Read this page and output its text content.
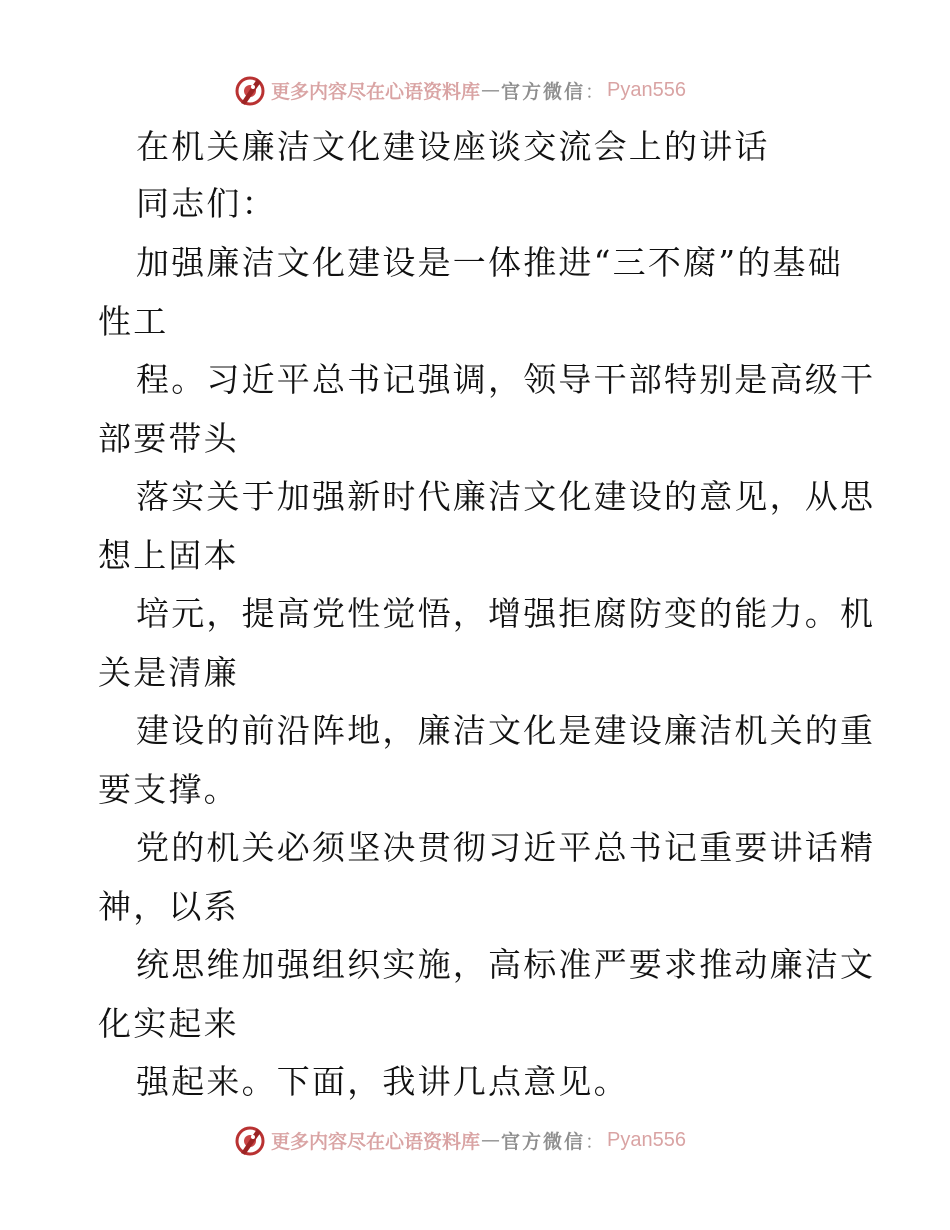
更多内容尽在心语资料库 — 官方微信 ： Pyan556
在机关廉洁文化建设座谈交流会上的讲话
同志们：
加强廉洁文化建设是一体推进“三不腐”的基础
性工
程。习近平总书记强调，领导干部特别是高级干
部要带头
落实关于加强新时代廉洁文化建设的意见，从思
想上固本
培元，提高党性觉悟，增强拒腐防变的能力。机
关是清廉
建设的前沿阵地，廉洁文化是建设廉洁机关的重
要支撑。
党的机关必须坚决贯彻习近平总书记重要讲话精
神，以系
统思维加强组织实施，高标准严要求推动廉洁文
化实起来
强起来。下面，我讲几点意见。
更多内容尽在心语资料库 — 官方微信 ： Pyan556
